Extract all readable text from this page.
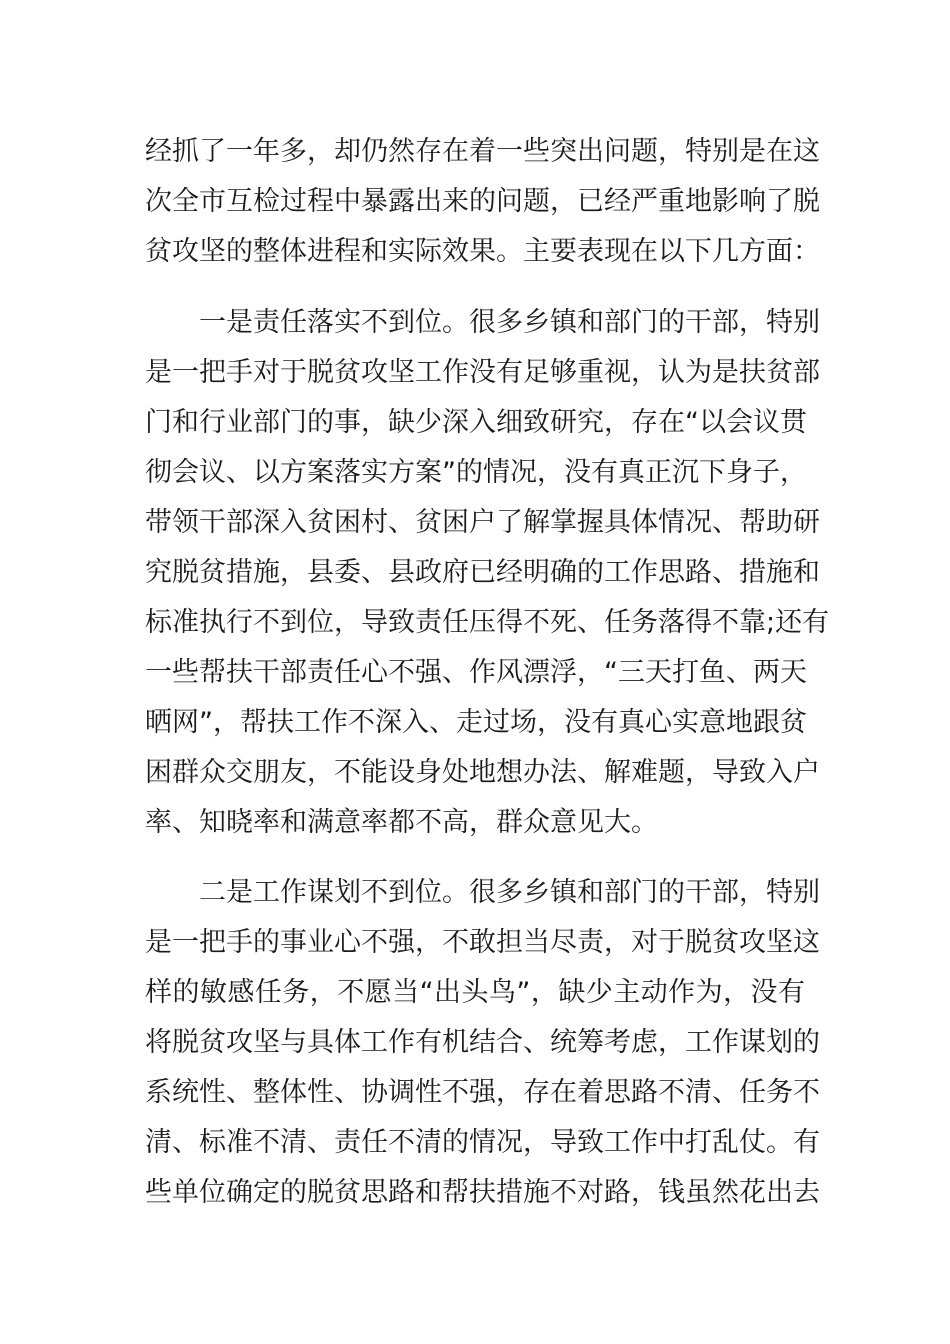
经抓了一年多，却仍然存在着一些突出问题，特别是在这
次全市互检过程中暴露出来的问题，已经严重地影响了脱
贫攻坚的整体进程和实际效果。主要表现在以下几方面：
一是责任落实不到位。很多乡镇和部门的干部，特别
是一把手对于脱贫攻坚工作没有足够重视，认为是扶贫部
门和行业部门的事，缺少深入细致研究，存在“以会议贯
彻会议、以方案落实方案”的情况，没有真正沉下身子，
带领干部深入贫困村、贫困户了解掌握具体情况、帮助研
究脱贫措施，县委、县政府已经明确的工作思路、措施和
标准执行不到位，导致责任压得不死、任务落得不靠;还有
一些帮扶干部责任心不强、作风漂浮，“三天打鱼、两天
晒网”，帮扶工作不深入、走过场，没有真心实意地跟贫
困群众交朋友，不能设身处地想办法、解难题，导致入户
率、知晓率和满意率都不高，群众意见大。
二是工作谋划不到位。很多乡镇和部门的干部，特别
是一把手的事业心不强，不敢担当尽责，对于脱贫攻坚这
样的敏感任务，不愿当“出头鸟”，缺少主动作为，没有
将脱贫攻坚与具体工作有机结合、统筹考虑，工作谋划的
系统性、整体性、协调性不强，存在着思路不清、任务不
清、标准不清、责任不清的情况，导致工作中打乱仗。有
些单位确定的脱贫思路和帮扶措施不对路，钱虽然花出去
